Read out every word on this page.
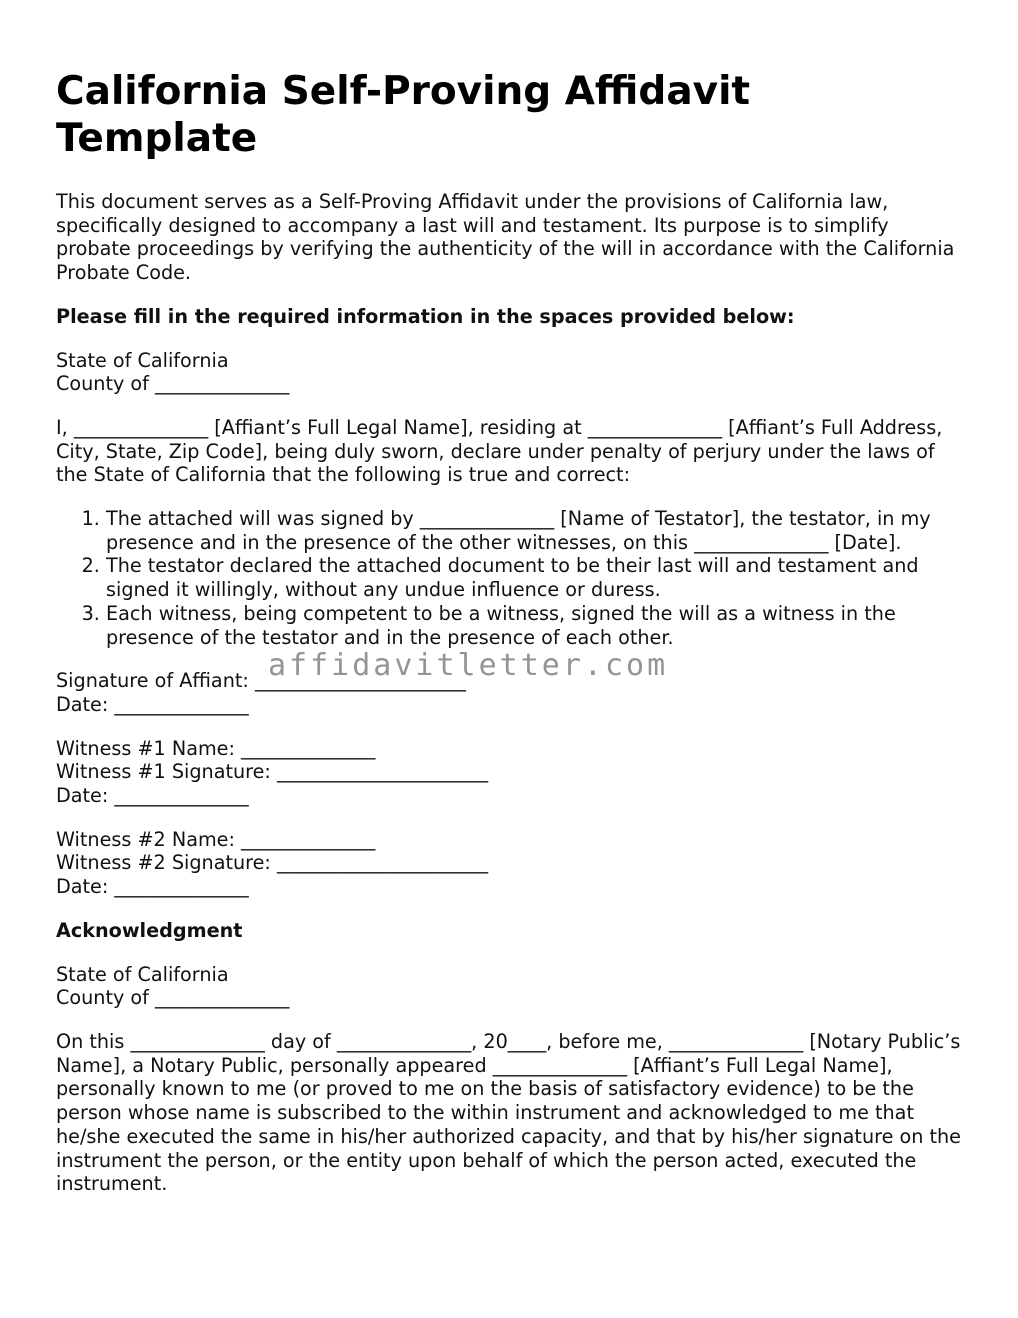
California Self-Proving Affidavit Template

This document serves as a Self-Proving Affidavit under the provisions of California law, specifically designed to accompany a last will and testament. Its purpose is to simplify probate proceedings by verifying the authenticity of the will in accordance with the California Probate Code.

Please fill in the required information in the spaces provided below:

State of California
County of ______________

I, ______________ [Affiant’s Full Legal Name], residing at ______________ [Affiant’s Full Address, City, State, Zip Code], being duly sworn, declare under penalty of perjury under the laws of the State of California that the following is true and correct:

1. The attached will was signed by ______________ [Name of Testator], the testator, in my presence and in the presence of the other witnesses, on this ______________ [Date].
2. The testator declared the attached document to be their last will and testament and signed it willingly, without any undue influence or duress.
3. Each witness, being competent to be a witness, signed the will as a witness in the presence of the testator and in the presence of each other.

Signature of Affiant: ______________________
Date: ______________

Witness #1 Name: ______________
Witness #1 Signature: ______________________
Date: ______________

Witness #2 Name: ______________
Witness #2 Signature: ______________________
Date: ______________

Acknowledgment

State of California
County of ______________

On this ______________ day of ______________, 20____, before me, ______________ [Notary Public’s Name], a Notary Public, personally appeared ______________ [Affiant’s Full Legal Name], personally known to me (or proved to me on the basis of satisfactory evidence) to be the person whose name is subscribed to the within instrument and acknowledged to me that he/she executed the same in his/her authorized capacity, and that by his/her signature on the instrument the person, or the entity upon behalf of which the person acted, executed the instrument.

affidavitletter.com
